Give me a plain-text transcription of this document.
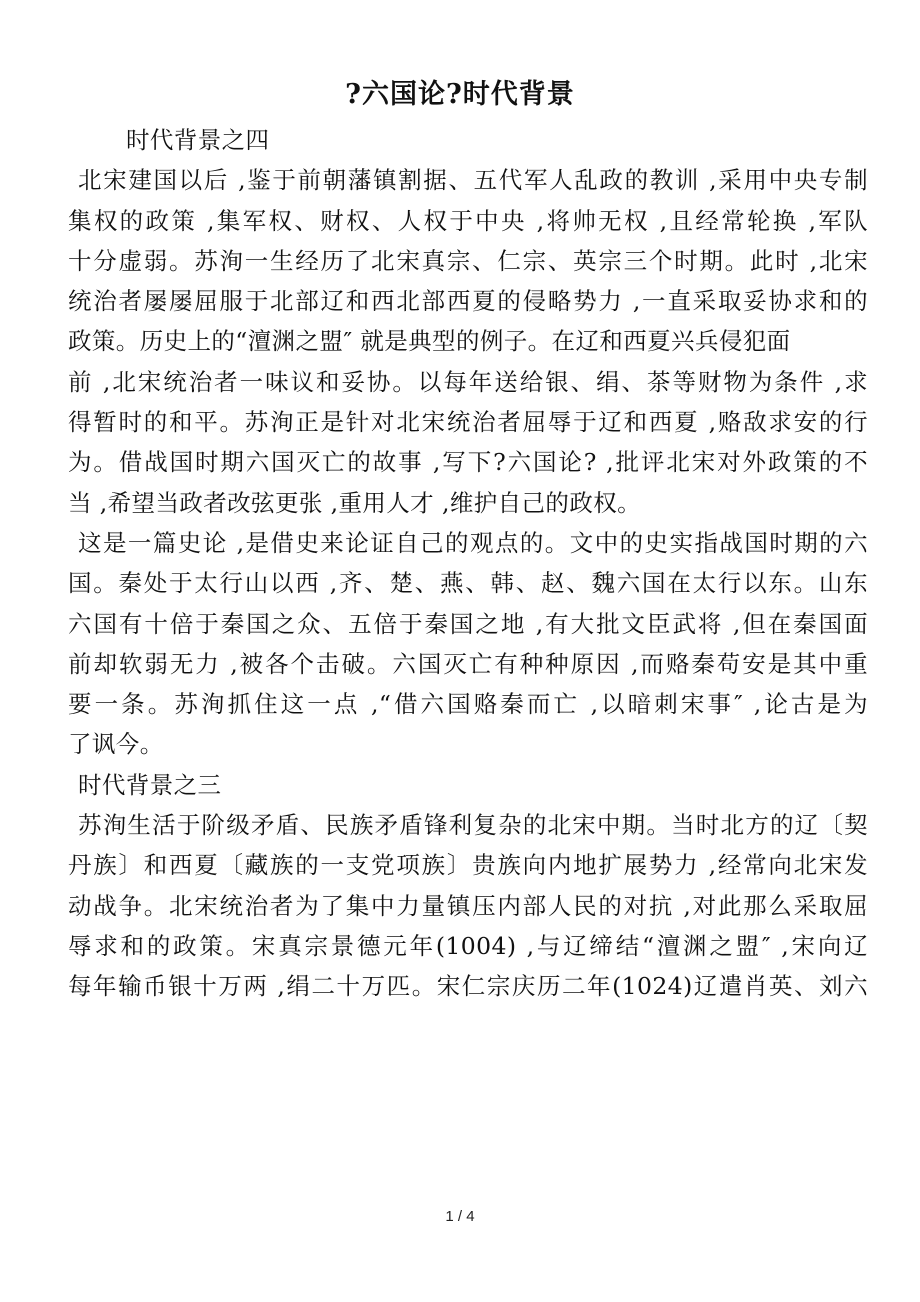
?六国论?时代背景
时代背景之四
北宋建国以后 ,鉴于前朝藩镇割据、五代军人乱政的教训 ,采用中央专制
集权的政策 ,集军权、财权、人权于中央 ,将帅无权 ,且经常轮换 ,军队
十分虚弱。苏洵一生经历了北宋真宗、仁宗、英宗三个时期。此时 ,北宋
统治者屡屡屈服于北部辽和西北部西夏的侵略势力 ,一直采取妥协求和的
政策。历史上的“澶渊之盟″ 就是典型的例子。在辽和西夏兴兵侵犯面
前 ,北宋统治者一味议和妥协。以每年送给银、绢、茶等财物为条件 ,求
得暂时的和平。苏洵正是针对北宋统治者屈辱于辽和西夏 ,赂敌求安的行
为。借战国时期六国灭亡的故事 ,写下?六国论? ,批评北宋对外政策的不
当 ,希望当政者改弦更张 ,重用人才 ,维护自己的政权。
这是一篇史论 ,是借史来论证自己的观点的。文中的史实指战国时期的六
国。秦处于太行山以西 ,齐、楚、燕、韩、赵、魏六国在太行以东。山东
六国有十倍于秦国之众、五倍于秦国之地 ,有大批文臣武将 ,但在秦国面
前却软弱无力 ,被各个击破。六国灭亡有种种原因 ,而赂秦苟安是其中重
要一条。苏洵抓住这一点 ,“借六国赂秦而亡 ,以暗刺宋事″ ,论古是为
了讽今。
时代背景之三
苏洵生活于阶级矛盾、民族矛盾锋利复杂的北宋中期。当时北方的辽〔契
丹族〕和西夏〔藏族的一支党项族〕贵族向内地扩展势力 ,经常向北宋发
动战争。北宋统治者为了集中力量镇压内部人民的对抗 ,对此那么采取屈
辱求和的政策。宋真宗景德元年(1004) ,与辽缔结“澶渊之盟″ ,宋向辽
每年输币银十万两 ,绢二十万匹。宋仁宗庆历二年(1024)辽遣肖英、刘六
1 / 4
